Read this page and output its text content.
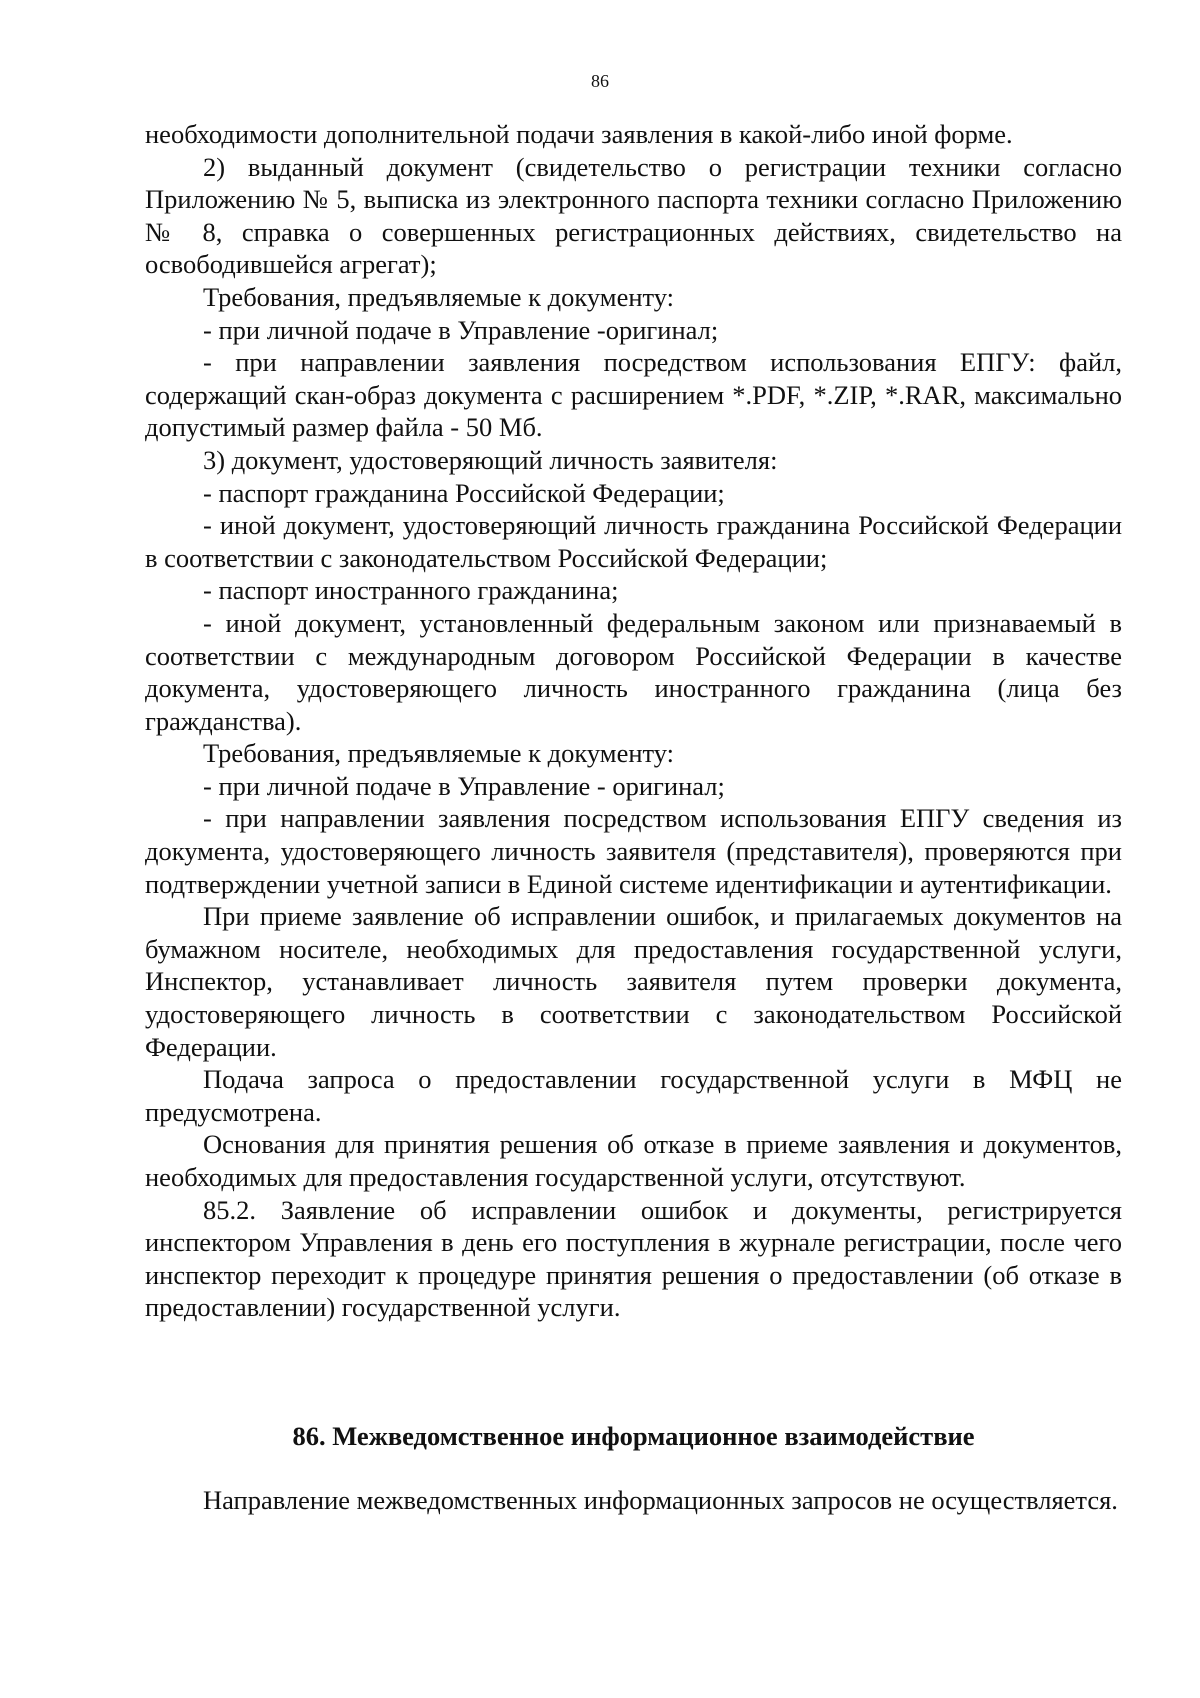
86

необходимости дополнительной подачи заявления в какой-либо иной форме.

2) выданный документ (свидетельство о регистрации техники согласно Приложению № 5, выписка из электронного паспорта техники согласно Приложению № 8, справка о совершенных регистрационных действиях, свидетельство на освободившейся агрегат);

Требования, предъявляемые к документу:

- при личной подаче в Управление -оригинал;

- при направлении заявления посредством использования ЕПГУ: файл, содержащий скан-образ документа с расширением *.PDF, *.ZIP, *.RAR, максимально допустимый размер файла - 50 Мб.

3) документ, удостоверяющий личность заявителя:

- паспорт гражданина Российской Федерации;

- иной документ, удостоверяющий личность гражданина Российской Федерации в соответствии с законодательством Российской Федерации;

- паспорт иностранного гражданина;

- иной документ, установленный федеральным законом или признаваемый в соответствии с международным договором Российской Федерации в качестве документа, удостоверяющего личность иностранного гражданина (лица без гражданства).

Требования, предъявляемые к документу:

- при личной подаче в Управление - оригинал;

- при направлении заявления посредством использования ЕПГУ сведения из документа, удостоверяющего личность заявителя (представителя), проверяются при подтверждении учетной записи в Единой системе идентификации и аутентификации.

При приеме заявление об исправлении ошибок, и прилагаемых документов на бумажном носителе, необходимых для предоставления государственной услуги, Инспектор, устанавливает личность заявителя путем проверки документа, удостоверяющего личность в соответствии с законодательством Российской Федерации.

Подача запроса о предоставлении государственной услуги в МФЦ не предусмотрена.

Основания для принятия решения об отказе в приеме заявления и документов, необходимых для предоставления государственной услуги, отсутствуют.

85.2. Заявление об исправлении ошибок и документы, регистрируется инспектором Управления в день его поступления в журнале регистрации, после чего инспектор переходит к процедуре принятия решения о предоставлении (об отказе в предоставлении) государственной услуги.

86. Межведомственное информационное взаимодействие

Направление межведомственных информационных запросов не осуществляется.
